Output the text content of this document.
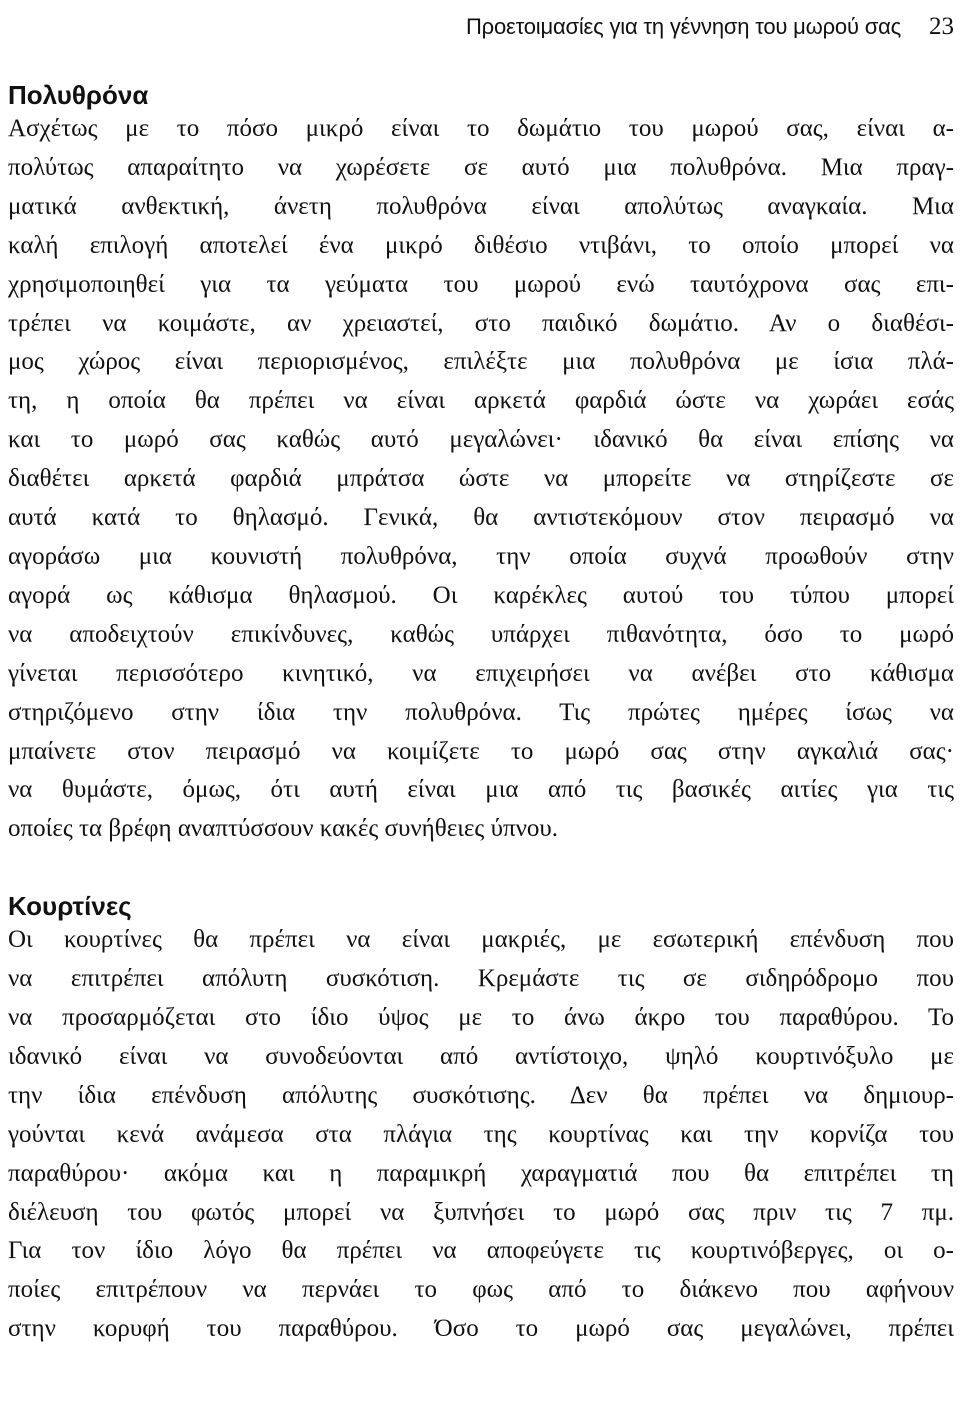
Προετοιμασίες για τη γέννηση του μωρού σας 23
Πολυθρόνα

Ασχέτως με το πόσο μικρό είναι το δωμάτιο του μωρού σας, είναι α-
πολύτως απαραίτητο να χωρέσετε σε αυτό μια πολυθρόνα. Μια πραγ-
ματικά ανθεκτική, άνετη πολυθρόνα είναι απολύτως αναγκαία. Μια
καλή επιλογή αποτελεί ένα μικρό διθέσιο ντιβάνι, το οποίο μπορεί να
χρησιμοποιηθεί για τα γεύματα του μωρού ενώ ταυτόχρονα σας επι-
τρέπει να κοιμάστε, αν χρειαστεί, στο παιδικό δωμάτιο. Αν ο διαθέσι-
μος χώρος είναι περιορισμένος, επιλέξτε μια πολυθρόνα με ίσια πλά-
τη, η οποία θα πρέπει να είναι αρκετά φαρδιά ώστε να χωράει εσάς
και το μωρό σας καθώς αυτό μεγαλώνει· ιδανικό θα είναι επίσης να
διαθέτει αρκετά φαρδιά μπράτσα ώστε να μπορείτε να στηρίζεστε σε
αυτά κατά το θηλασμό. Γενικά, θα αντιστεκόμουν στον πειρασμό να
αγοράσω μια κουνιστή πολυθρόνα, την οποία συχνά προωθούν στην
αγορά ως κάθισμα θηλασμού. Οι καρέκλες αυτού του τύπου μπορεί
να αποδειχτούν επικίνδυνες, καθώς υπάρχει πιθανότητα, όσο το μωρό
γίνεται περισσότερο κινητικό, να επιχειρήσει να ανέβει στο κάθισμα
στηριζόμενο στην ίδια την πολυθρόνα. Τις πρώτες ημέρες ίσως να
μπαίνετε στον πειρασμό να κοιμίζετε το μωρό σας στην αγκαλιά σας·
να θυμάστε, όμως, ότι αυτή είναι μια από τις βασικές αιτίες για τις
οποίες τα βρέφη αναπτύσσουν κακές συνήθειες ύπνου.

Κουρτίνες

Οι κουρτίνες θα πρέπει να είναι μακριές, με εσωτερική επένδυση που
να επιτρέπει απόλυτη συσκότιση. Κρεμάστε τις σε σιδηρόδρομο που
να προσαρμόζεται στο ίδιο ύψος με το άνω άκρο του παραθύρου. Το
ιδανικό είναι να συνοδεύονται από αντίστοιχο, ψηλό κουρτινόξυλο με
την ίδια επένδυση απόλυτης συσκότισης. Δεν θα πρέπει να δημιουρ-
γούνται κενά ανάμεσα στα πλάγια της κουρτίνας και την κορνίζα του
παραθύρου· ακόμα και η παραμικρή χαραγματιά που θα επιτρέπει τη
διέλευση του φωτός μπορεί να ξυπνήσει το μωρό σας πριν τις 7 πμ.
Για τον ίδιο λόγο θα πρέπει να αποφεύγετε τις κουρτινόβεργες, οι ο-
ποίες επιτρέπουν να περνάει το φως από το διάκενο που αφήνουν
στην κορυφή του παραθύρου. Όσο το μωρό σας μεγαλώνει, πρέπει
